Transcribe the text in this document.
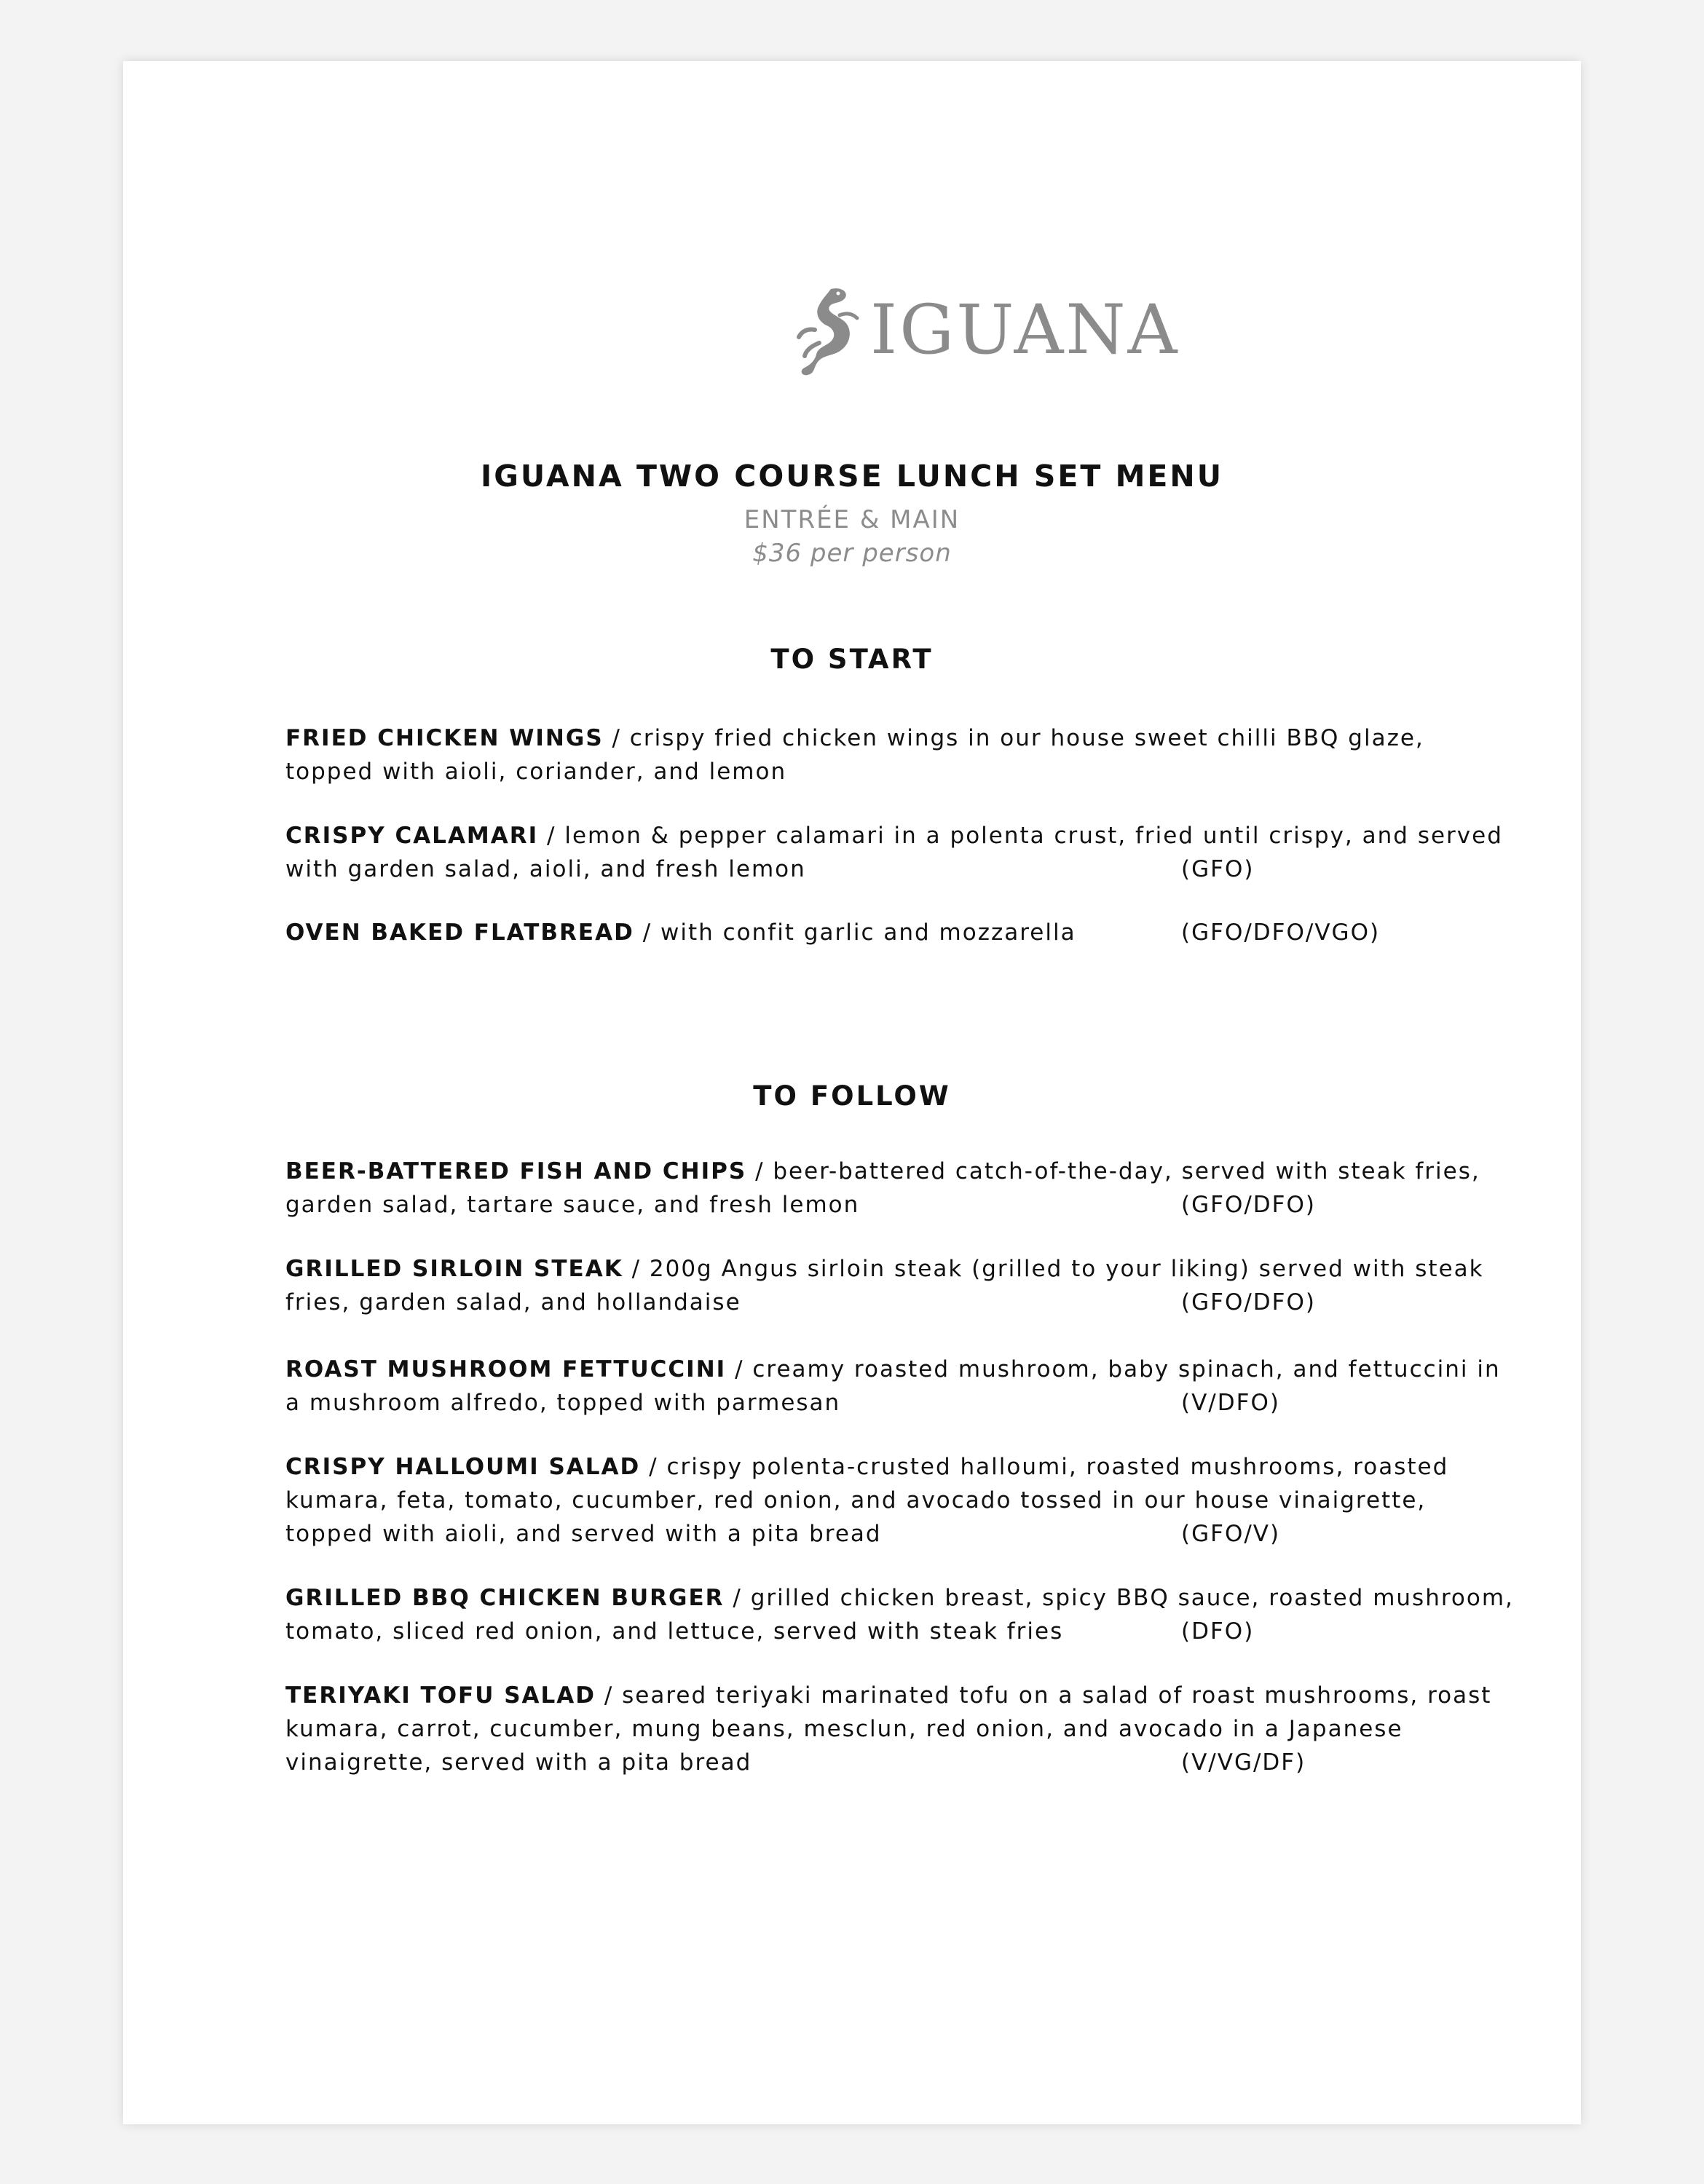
IGUANA
IGUANA TWO COURSE LUNCH SET MENU
ENTRÉE & MAIN
$36 per person
TO START
FRIED CHICKEN WINGS / crispy fried chicken wings in our house sweet chilli BBQ glaze,
topped with aioli, coriander, and lemon
CRISPY CALAMARI / lemon & pepper calamari in a polenta crust, fried until crispy, and served
with garden salad, aioli, and fresh lemon	(GFO)
OVEN BAKED FLATBREAD / with confit garlic and mozzarella	(GFO/DFO/VGO)
TO FOLLOW
BEER-BATTERED FISH AND CHIPS / beer-battered catch-of-the-day, served with steak fries,
garden salad, tartare sauce, and fresh lemon	(GFO/DFO)
GRILLED SIRLOIN STEAK / 200g Angus sirloin steak (grilled to your liking) served with steak
fries, garden salad, and hollandaise	(GFO/DFO)
ROAST MUSHROOM FETTUCCINI / creamy roasted mushroom, baby spinach, and fettuccini in
a mushroom alfredo, topped with parmesan	(V/DFO)
CRISPY HALLOUMI SALAD / crispy polenta-crusted halloumi, roasted mushrooms, roasted
kumara, feta, tomato, cucumber, red onion, and avocado tossed in our house vinaigrette,
topped with aioli, and served with a pita bread	(GFO/V)
GRILLED BBQ CHICKEN BURGER / grilled chicken breast, spicy BBQ sauce, roasted mushroom,
tomato, sliced red onion, and lettuce, served with steak fries	(DFO)
TERIYAKI TOFU SALAD / seared teriyaki marinated tofu on a salad of roast mushrooms, roast
kumara, carrot, cucumber, mung beans, mesclun, red onion, and avocado in a Japanese
vinaigrette, served with a pita bread	(V/VG/DF)
